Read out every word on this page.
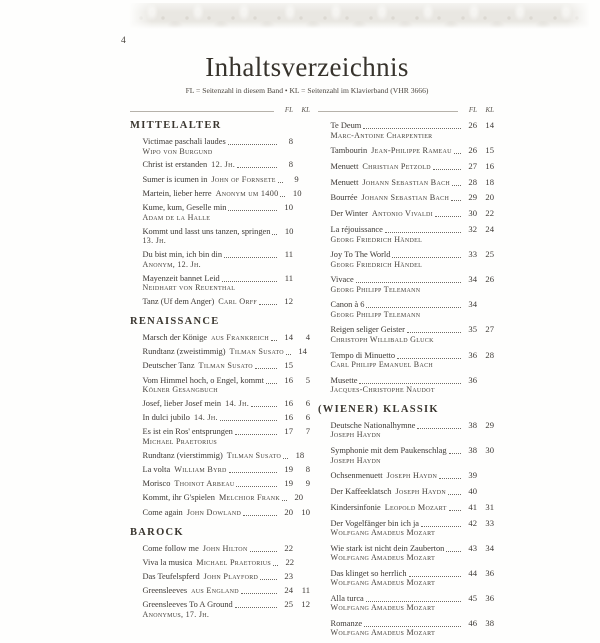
4
Inhaltsverzeichnis
FL = Seitenzahl in diesem Band • KL = Seitenzahl im Klavierband (VHR 3666)
FL	KL
MITTELALTER
Victimae paschali laudes	8
Wipo von Burgund
Christ ist erstanden 12. Jh.	8
Sumer is icumen in John of Fornsete	9
Martein, lieber herre Anonym um 1400	10
Kume, kum, Geselle min	10
Adam de la Halle
Kommt und lasst uns tanzen, springen	10
13. Jh.
Du bist min, ich bin din	11
Anonym, 12. Jh.
Mayenzeit bannet Leid	11
Neidhart von Reuenthal
Tanz (Uf dem Anger) Carl Orff	12
RENAISSANCE
Marsch der Könige aus Frankreich	14	4
Rundtanz (zweistimmig) Tilman Susato	14
Deutscher Tanz Tilman Susato	15
Vom Himmel hoch, o Engel, kommt	16	5
Kölner Gesangbuch
Josef, lieber Josef mein 14. Jh.	16	6
In dulci jubilo 14. Jh.	16	6
Es ist ein Ros' entsprungen	17	7
Michael Praetorius
Rundtanz (vierstimmig) Tilman Susato	18
La volta William Byrd	19	8
Morisco Thoinot Arbeau	19	9
Kommt, ihr G'spielen Melchior Frank	20
Come again John Dowland	20 10
BAROCK
Come follow me John Hilton	22
Viva la musica Michael Praetorius	22
Das Teufelspferd John Playford	23
Greensleeves aus England	24	11
Greensleeves To A Ground	25 12
Anonymus, 17. Jh.
FL	KL
Te Deum	26 14
Marc-Antoine Charpentier
Tambourin Jean-Philippe Rameau	26 15
Menuett Christian Petzold	27 16
Menuett Johann Sebastian Bach	28 18
Bourrée Johann Sebastian Bach	29 20
Der Winter Antonio Vivaldi	30 22
La réjouissance	32 24
Georg Friedrich Händel
Joy To The World	33 25
Georg Friedrich Händel
Vivace	34 26
Georg Philipp Telemann
Canon à 6	34
Georg Philipp Telemann
Reigen seliger Geister	35 27
Christoph Willibald Gluck
Tempo di Minuetto	36 28
Carl Philipp Emanuel Bach
Musette	36
Jacques-Christophe Naudot
(WIENER) KLASSIK
Deutsche Nationalhymne	38 29
Joseph Haydn
Symphonie mit dem Paukenschlag	38 30
Joseph Haydn
Ochsenmenuett Joseph Haydn	39
Der Kaffeeklatsch Joseph Haydn	40
Kindersinfonie Leopold Mozart	41 31
Der Vogelfänger bin ich ja	42 33
Wolfgang Amadeus Mozart
Wie stark ist nicht dein Zauberton	43 34
Wolfgang Amadeus Mozart
Das klinget so herrlich	44 36
Wolfgang Amadeus Mozart
Alla turca	45 36
Wolfgang Amadeus Mozart
Romanze	46 38
Wolfgang Amadeus Mozart
